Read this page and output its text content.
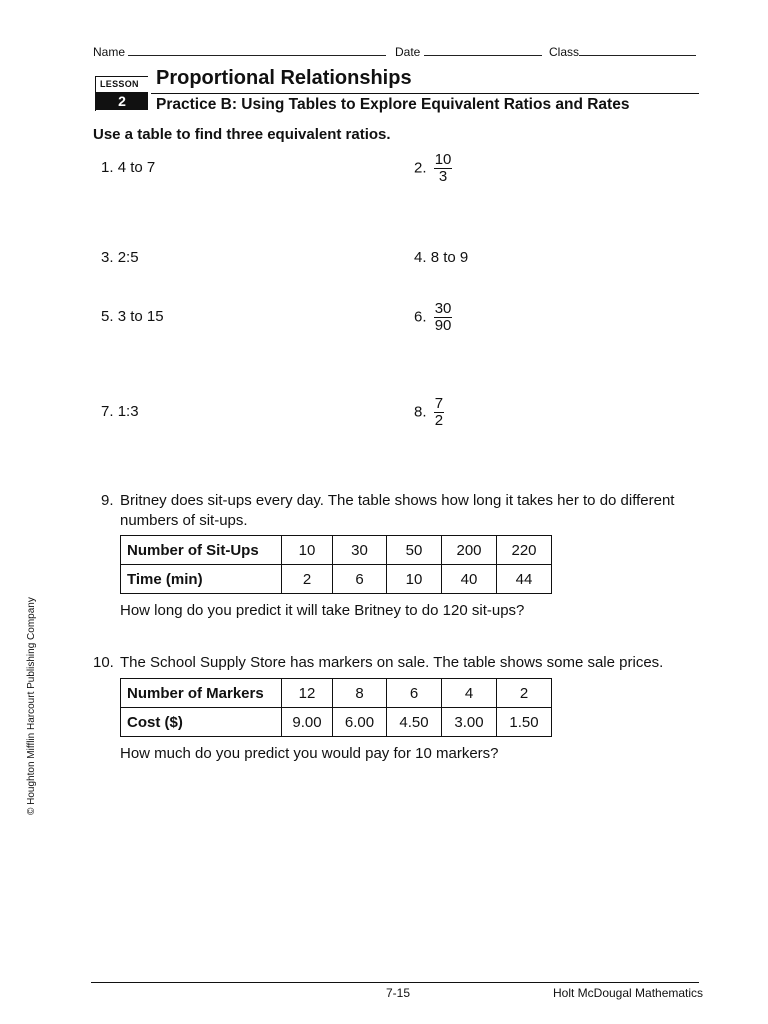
Name	Date	Class
LESSON
2
Proportional Relationships
Practice B: Using Tables to Explore Equivalent Ratios and Rates
Use a table to find three equivalent ratios.
1. 4 to 7	2. $\frac{10}{3}$
3. 2:5	4. 8 to 9
5. 3 to 15	6. $\frac{30}{90}$
7. 1:3	8. $\frac{7}{2}$
9. Britney does sit-ups every day. The table shows how long it takes her to do different
numbers of sit-ups.
Number of Sit-Ups	10	30	50	200	220
Time (min)	2	6	10	40	44
How long do you predict it will take Britney to do 120 sit-ups?
10. The School Supply Store has markers on sale. The table shows some sale prices.
Number of Markers	12	8	6	4	2
Cost ($)	9.00	6.00	4.50	3.00	1.50
How much do you predict you would pay for 10 markers?
© Houghton Mifflin Harcourt Publishing Company
7-15	Holt McDougal Mathematics
